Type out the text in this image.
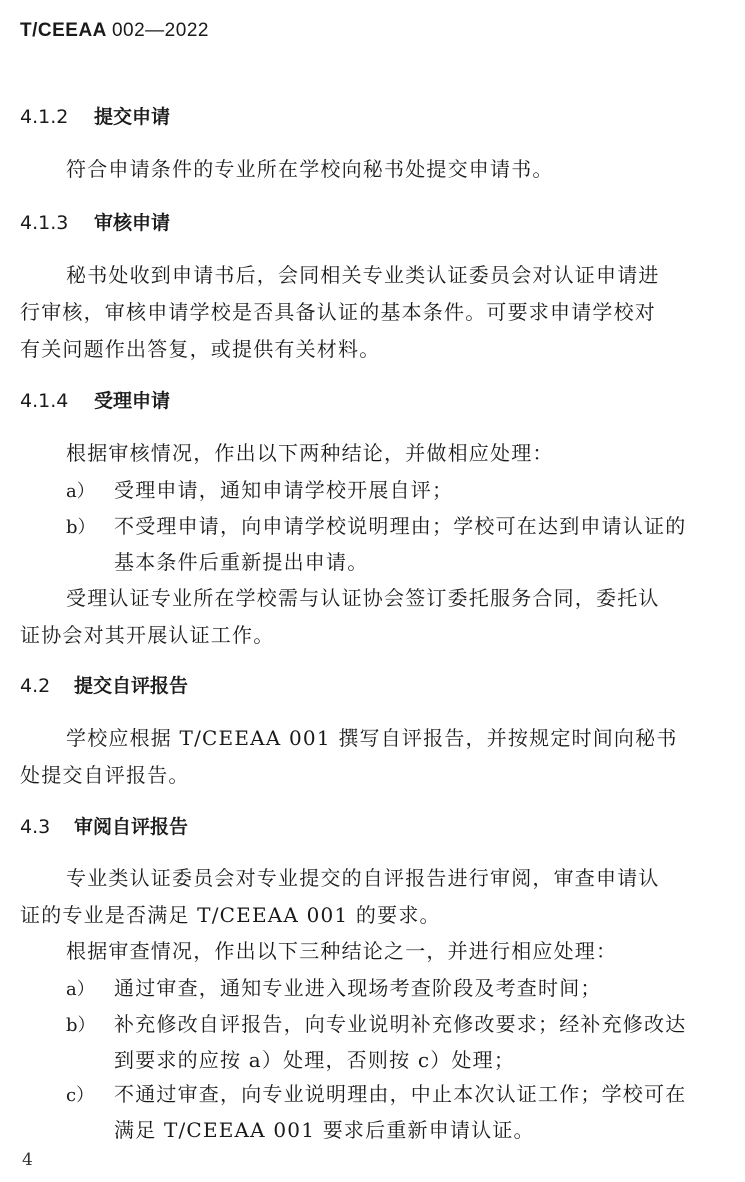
T/CEEAA 002—2022
4.1.2 提交申请
符合申请条件的专业所在学校向秘书处提交申请书。
4.1.3 审核申请
秘书处收到申请书后，会同相关专业类认证委员会对认证申请进
行审核，审核申请学校是否具备认证的基本条件。可要求申请学校对
有关问题作出答复，或提供有关材料。
4.1.4 受理申请
根据审核情况，作出以下两种结论，并做相应处理：
a） 受理申请，通知申请学校开展自评；
b） 不受理申请，向申请学校说明理由；学校可在达到申请认证的
基本条件后重新提出申请。
受理认证专业所在学校需与认证协会签订委托服务合同，委托认
证协会对其开展认证工作。
4.2 提交自评报告
学校应根据 T/CEEAA 001 撰写自评报告，并按规定时间向秘书
处提交自评报告。
4.3 审阅自评报告
专业类认证委员会对专业提交的自评报告进行审阅，审查申请认
证的专业是否满足 T/CEEAA 001 的要求。
根据审查情况，作出以下三种结论之一，并进行相应处理：
a） 通过审查，通知专业进入现场考查阶段及考查时间；
b） 补充修改自评报告，向专业说明补充修改要求；经补充修改达
到要求的应按 a）处理，否则按 c）处理；
c） 不通过审查，向专业说明理由，中止本次认证工作；学校可在
满足 T/CEEAA 001 要求后重新申请认证。
4
